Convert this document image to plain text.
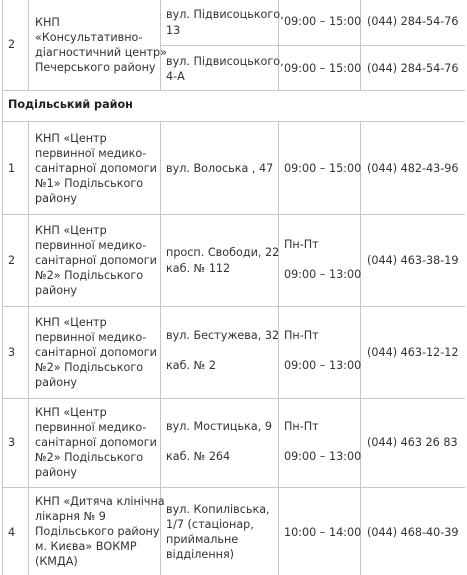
2
КНП
«Консультативно-
діагностичний центр»
Печерського району
вул. Підвисоцького,
13
09:00 – 15:00 (044) 284-54-76
вул. Підвисоцького,
4-А
09:00 – 15:00 (044) 284-54-76
Подільський район
1
КНП «Центр
первинної медико-
санітарної допомоги
№1» Подільського
району
вул. Волоська , 47 09:00 – 15:00 (044) 482-43-96
2
КНП «Центр
первинної медико-
санітарної допомоги
№2» Подільського
району
просп. Свободи, 22
каб. № 112
Пн-Пт
09:00 – 13:00
(044) 463-38-19
3
КНП «Центр
первинної медико-
санітарної допомоги
№2» Подільського
району
вул. Бестужева, 32
каб. № 2
Пн-Пт
09:00 – 13:00
(044) 463-12-12
3
КНП «Центр
первинної медико-
санітарної допомоги
№2» Подільського
району
вул. Мостицька, 9
каб. № 264
Пн-Пт
09:00 – 13:00
(044) 463 26 83
4
КНП «Дитяча клінічна
лікарня № 9
Подільського району
м. Києва» ВОКМР
(КМДА)
вул. Копилівська,
1/7 (стаціонар,
приймальне
відділення)
10:00 – 14:00 (044) 468-40-39
